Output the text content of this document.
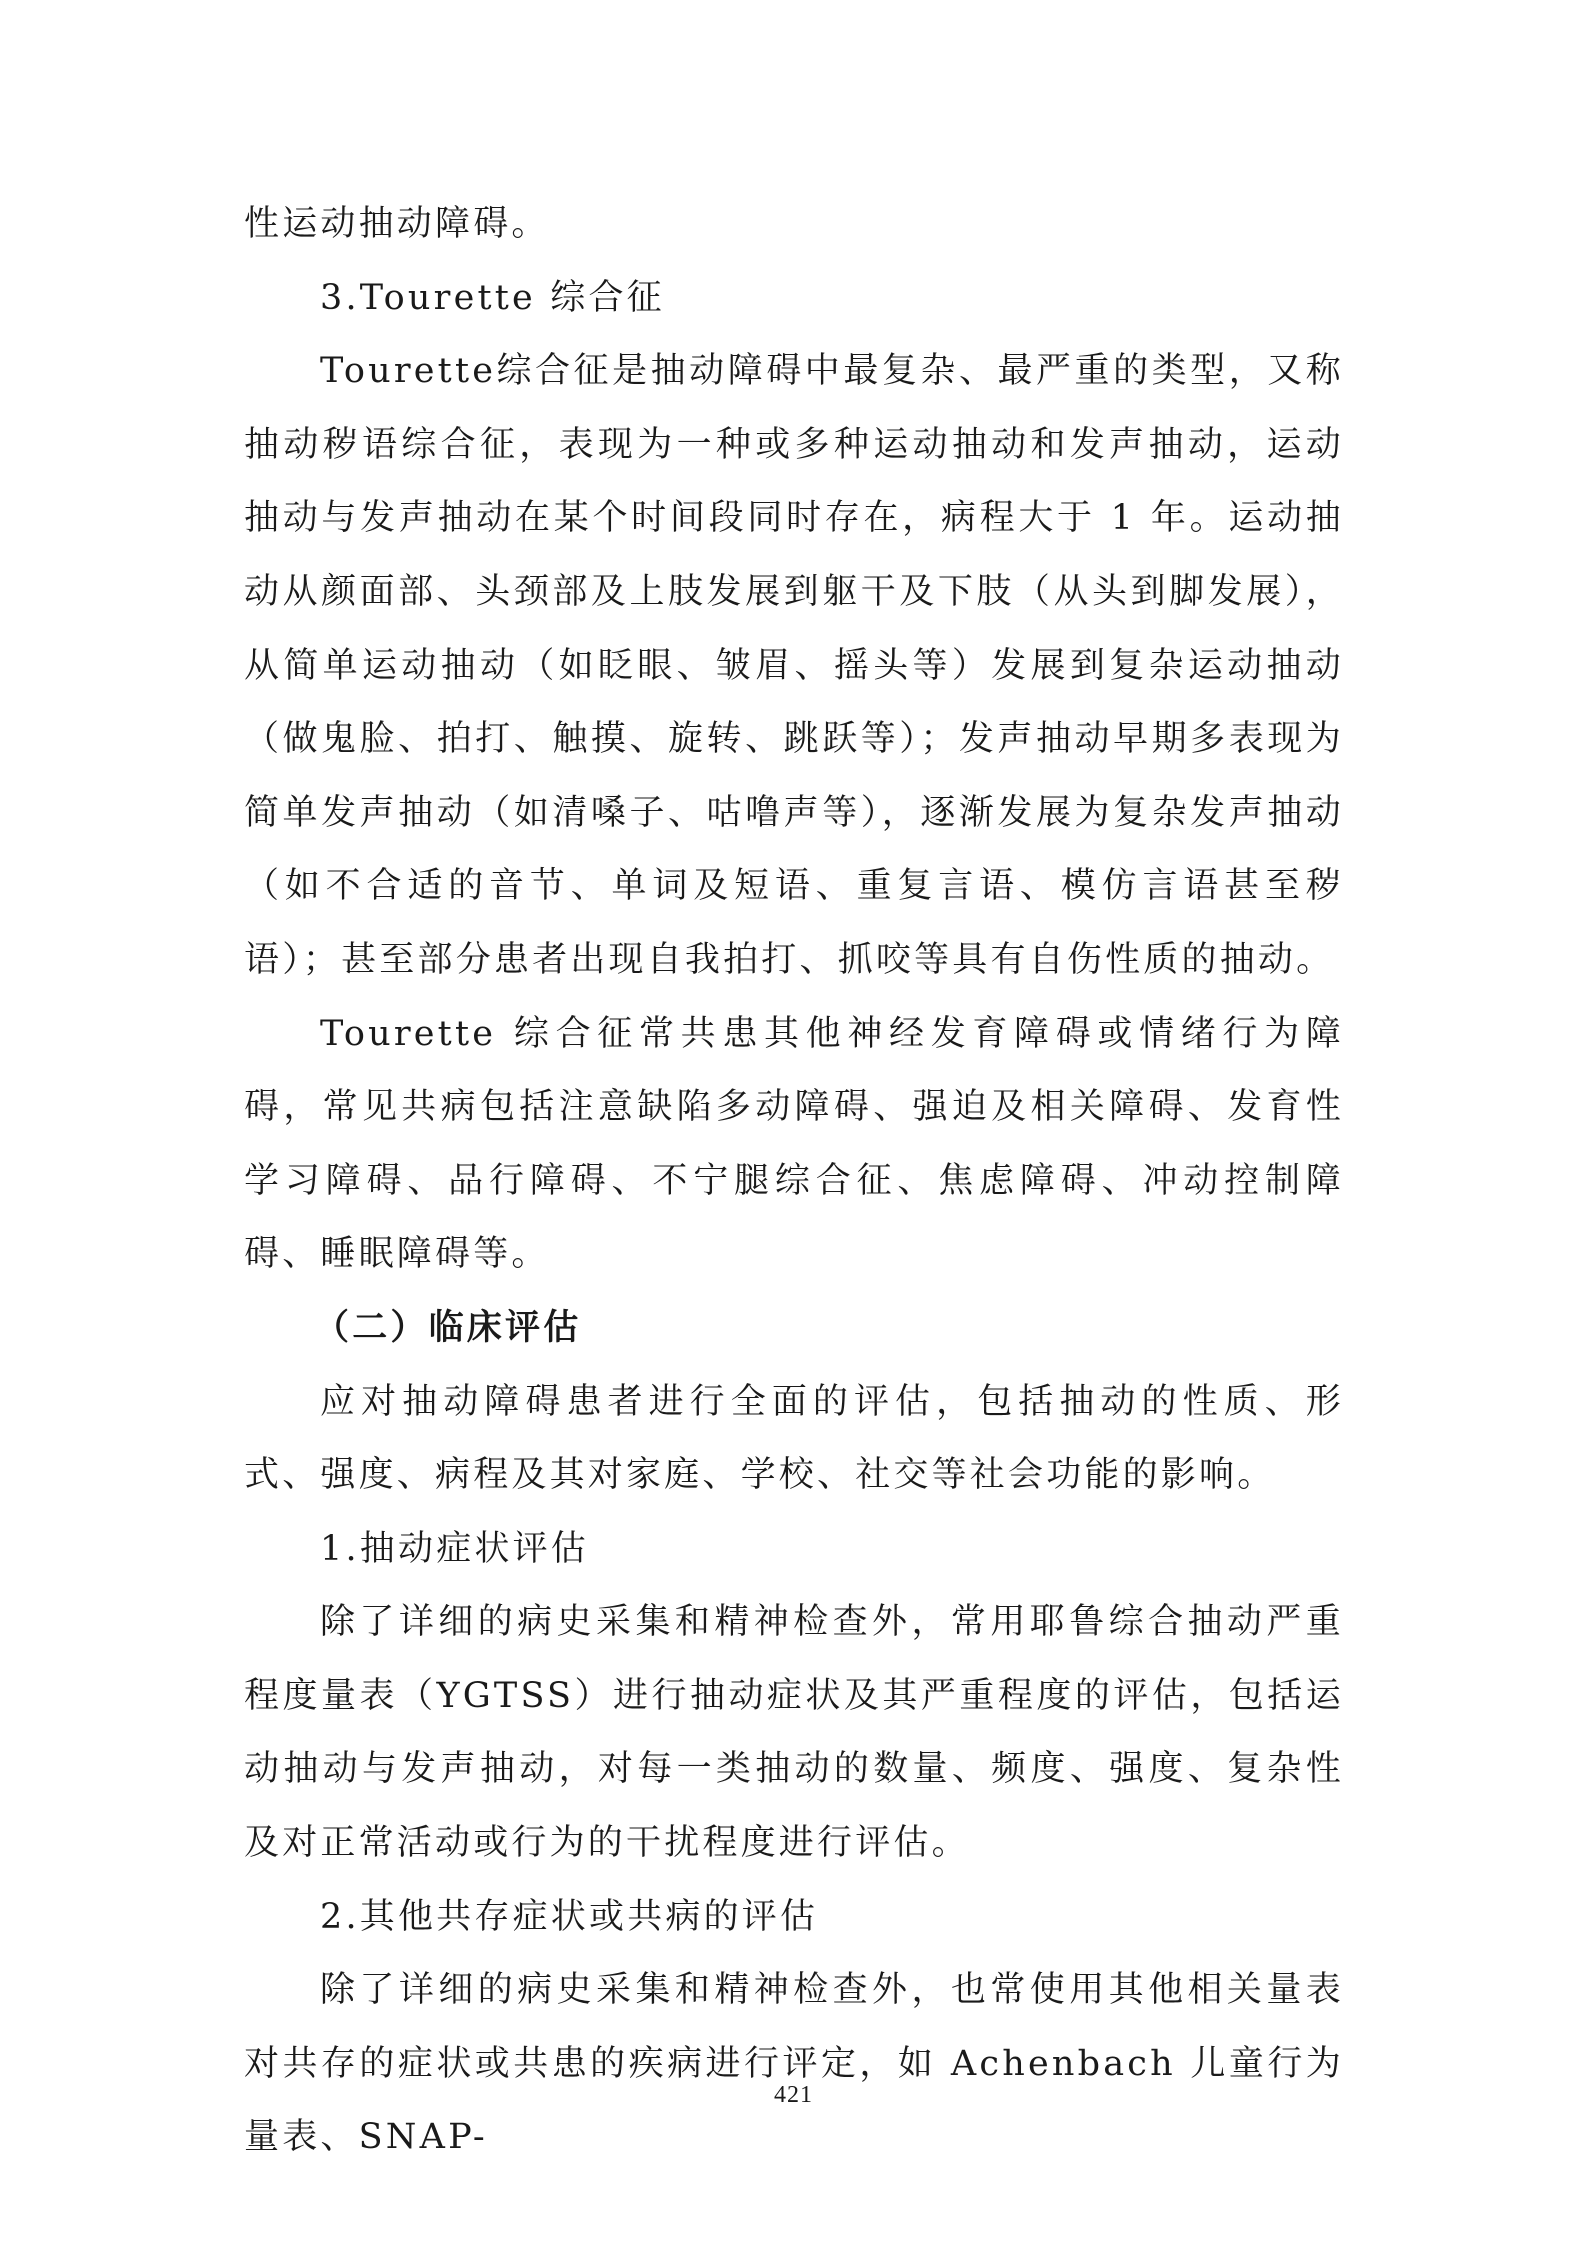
性运动抽动障碍。

3.Tourette 综合征

Tourette综合征是抽动障碍中最复杂、最严重的类型，又称抽动秽语综合征，表现为一种或多种运动抽动和发声抽动，运动抽动与发声抽动在某个时间段同时存在，病程大于 1 年。运动抽动从颜面部、头颈部及上肢发展到躯干及下肢（从头到脚发展），从简单运动抽动（如眨眼、皱眉、摇头等）发展到复杂运动抽动（做鬼脸、拍打、触摸、旋转、跳跃等）；发声抽动早期多表现为简单发声抽动（如清嗓子、咕噜声等），逐渐发展为复杂发声抽动（如不合适的音节、单词及短语、重复言语、模仿言语甚至秽语）；甚至部分患者出现自我拍打、抓咬等具有自伤性质的抽动。

Tourette 综合征常共患其他神经发育障碍或情绪行为障碍，常见共病包括注意缺陷多动障碍、强迫及相关障碍、发育性学习障碍、品行障碍、不宁腿综合征、焦虑障碍、冲动控制障碍、睡眠障碍等。

（二）临床评估

应对抽动障碍患者进行全面的评估，包括抽动的性质、形式、强度、病程及其对家庭、学校、社交等社会功能的影响。

1.抽动症状评估

除了详细的病史采集和精神检查外，常用耶鲁综合抽动严重程度量表（YGTSS）进行抽动症状及其严重程度的评估，包括运动抽动与发声抽动，对每一类抽动的数量、频度、强度、复杂性及对正常活动或行为的干扰程度进行评估。

2.其他共存症状或共病的评估

除了详细的病史采集和精神检查外，也常使用其他相关量表对共存的症状或共患的疾病进行评定，如 Achenbach 儿童行为量表、SNAP-

421
